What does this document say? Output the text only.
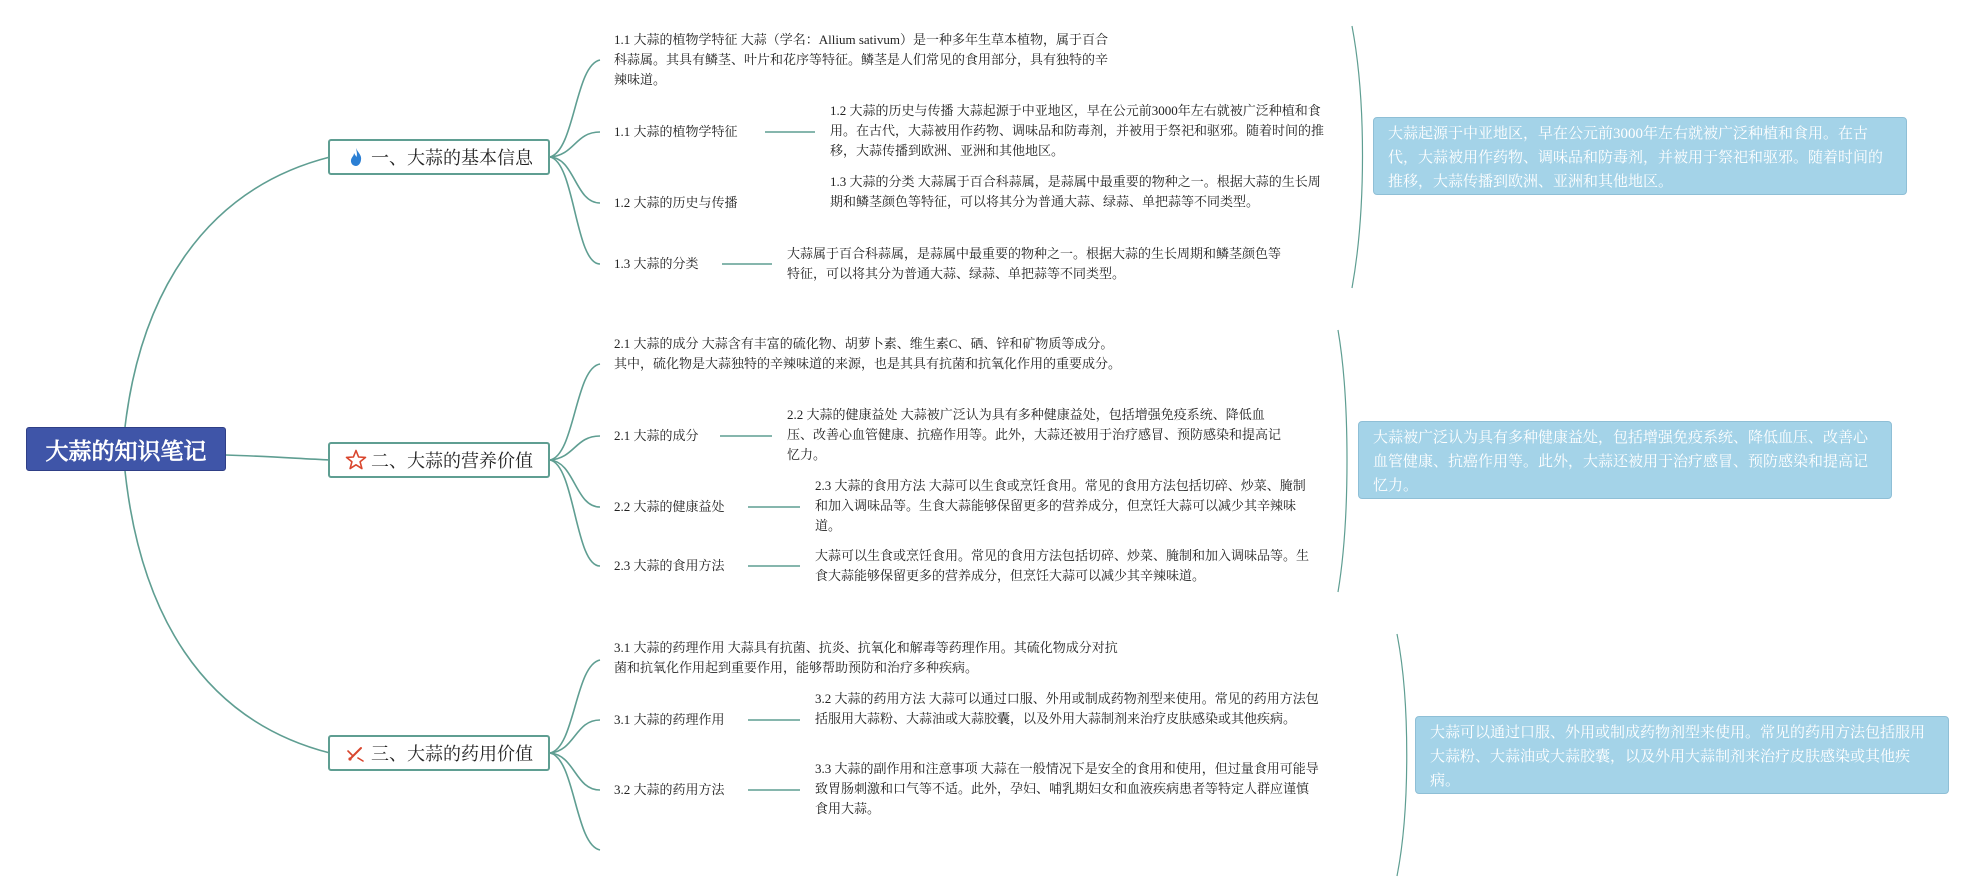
大蒜的知识笔记
一、大蒜的基本信息
1.1 大蒜的植物学特征 大蒜（学名：Allium sativum）是一种多年生草本植物，属于百合科蒜属。其具有鳞茎、叶片和花序等特征。鳞茎是人们常见的食用部分，具有独特的辛辣味道。
1.1 大蒜的植物学特征
1.2 大蒜的历史与传播 大蒜起源于中亚地区，早在公元前3000年左右就被广泛种植和食用。在古代，大蒜被用作药物、调味品和防毒剂，并被用于祭祀和驱邪。随着时间的推移，大蒜传播到欧洲、亚洲和其他地区。
1.2 大蒜的历史与传播
1.3 大蒜的分类 大蒜属于百合科蒜属，是蒜属中最重要的物种之一。根据大蒜的生长周期和鳞茎颜色等特征，可以将其分为普通大蒜、绿蒜、单把蒜等不同类型。
1.3 大蒜的分类
大蒜属于百合科蒜属，是蒜属中最重要的物种之一。根据大蒜的生长周期和鳞茎颜色等特征，可以将其分为普通大蒜、绿蒜、单把蒜等不同类型。
大蒜起源于中亚地区，早在公元前3000年左右就被广泛种植和食用。在古代，大蒜被用作药物、调味品和防毒剂，并被用于祭祀和驱邪。随着时间的推移，大蒜传播到欧洲、亚洲和其他地区。
二、大蒜的营养价值
2.1 大蒜的成分 大蒜含有丰富的硫化物、胡萝卜素、维生素C、硒、锌和矿物质等成分。其中，硫化物是大蒜独特的辛辣味道的来源，也是其具有抗菌和抗氧化作用的重要成分。
2.1 大蒜的成分
2.2 大蒜的健康益处 大蒜被广泛认为具有多种健康益处，包括增强免疫系统、降低血压、改善心血管健康、抗癌作用等。此外，大蒜还被用于治疗感冒、预防感染和提高记忆力。
2.2 大蒜的健康益处
2.3 大蒜的食用方法 大蒜可以生食或烹饪食用。常见的食用方法包括切碎、炒菜、腌制和加入调味品等。生食大蒜能够保留更多的营养成分，但烹饪大蒜可以减少其辛辣味道。
2.3 大蒜的食用方法
大蒜可以生食或烹饪食用。常见的食用方法包括切碎、炒菜、腌制和加入调味品等。生食大蒜能够保留更多的营养成分，但烹饪大蒜可以减少其辛辣味道。
大蒜被广泛认为具有多种健康益处，包括增强免疫系统、降低血压、改善心血管健康、抗癌作用等。此外，大蒜还被用于治疗感冒、预防感染和提高记忆力。
三、大蒜的药用价值
3.1 大蒜的药理作用 大蒜具有抗菌、抗炎、抗氧化和解毒等药理作用。其硫化物成分对抗菌和抗氧化作用起到重要作用，能够帮助预防和治疗多种疾病。
3.1 大蒜的药理作用
3.2 大蒜的药用方法 大蒜可以通过口服、外用或制成药物剂型来使用。常见的药用方法包括服用大蒜粉、大蒜油或大蒜胶囊，以及外用大蒜制剂来治疗皮肤感染或其他疾病。
3.2 大蒜的药用方法
3.3 大蒜的副作用和注意事项 大蒜在一般情况下是安全的食用和使用，但过量食用可能导致胃肠刺激和口气等不适。此外，孕妇、哺乳期妇女和血液疾病患者等特定人群应谨慎食用大蒜。
大蒜可以通过口服、外用或制成药物剂型来使用。常见的药用方法包括服用大蒜粉、大蒜油或大蒜胶囊，以及外用大蒜制剂来治疗皮肤感染或其他疾病。
